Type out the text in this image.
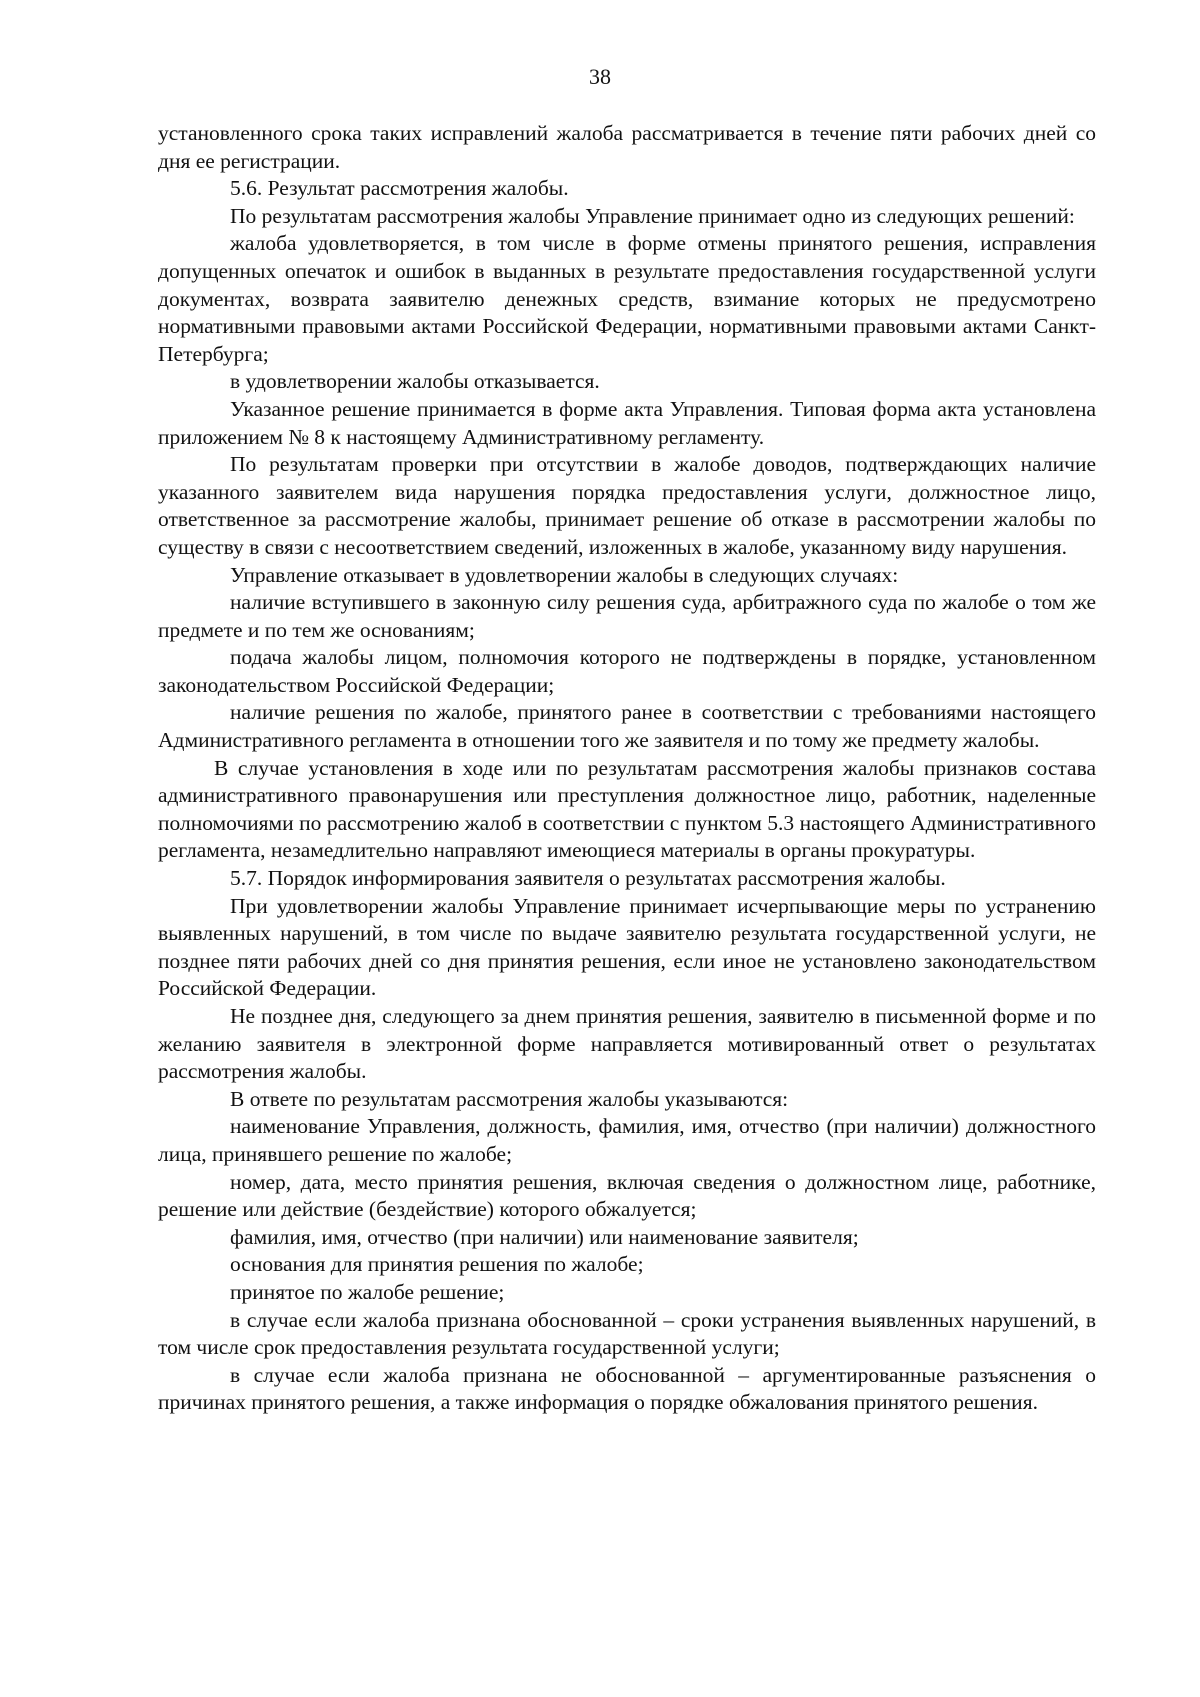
38

установленного срока таких исправлений жалоба рассматривается в течение пяти рабочих дней со дня ее регистрации.

5.6. Результат рассмотрения жалобы.

По результатам рассмотрения жалобы Управление принимает одно из следующих решений:

жалоба удовлетворяется, в том числе в форме отмены принятого решения, исправления допущенных опечаток и ошибок в выданных в результате предоставления государственной услуги документах, возврата заявителю денежных средств, взимание которых не предусмотрено нормативными правовыми актами Российской Федерации, нормативными правовыми актами Санкт-Петербурга;

в удовлетворении жалобы отказывается.

Указанное решение принимается в форме акта Управления. Типовая форма акта установлена приложением № 8 к настоящему Административному регламенту.

По результатам проверки при отсутствии в жалобе доводов, подтверждающих наличие указанного заявителем вида нарушения порядка предоставления услуги, должностное лицо, ответственное за рассмотрение жалобы, принимает решение об отказе в рассмотрении жалобы по существу в связи с несоответствием сведений, изложенных в жалобе, указанному виду нарушения.

Управление отказывает в удовлетворении жалобы в следующих случаях:

наличие вступившего в законную силу решения суда, арбитражного суда по жалобе о том же предмете и по тем же основаниям;

подача жалобы лицом, полномочия которого не подтверждены в порядке, установленном законодательством Российской Федерации;

наличие решения по жалобе, принятого ранее в соответствии с требованиями настоящего Административного регламента в отношении того же заявителя и по тому же предмету жалобы.

В случае установления в ходе или по результатам рассмотрения жалобы признаков состава административного правонарушения или преступления должностное лицо, работник, наделенные полномочиями по рассмотрению жалоб в соответствии с пунктом 5.3 настоящего Административного регламента, незамедлительно направляют имеющиеся материалы в органы прокуратуры.

5.7. Порядок информирования заявителя о результатах рассмотрения жалобы.

При удовлетворении жалобы Управление принимает исчерпывающие меры по устранению выявленных нарушений, в том числе по выдаче заявителю результата государственной услуги, не позднее пяти рабочих дней со дня принятия решения, если иное не установлено законодательством Российской Федерации.

Не позднее дня, следующего за днем принятия решения, заявителю в письменной форме и по желанию заявителя в электронной форме направляется мотивированный ответ о результатах рассмотрения жалобы.

В ответе по результатам рассмотрения жалобы указываются:

наименование Управления, должность, фамилия, имя, отчество (при наличии) должностного лица, принявшего решение по жалобе;

номер, дата, место принятия решения, включая сведения о должностном лице, работнике, решение или действие (бездействие) которого обжалуется;

фамилия, имя, отчество (при наличии) или наименование заявителя;

основания для принятия решения по жалобе;

принятое по жалобе решение;

в случае если жалоба признана обоснованной – сроки устранения выявленных нарушений, в том числе срок предоставления результата государственной услуги;

в случае если жалоба признана не обоснованной – аргументированные разъяснения о причинах принятого решения, а также информация о порядке обжалования принятого решения.
